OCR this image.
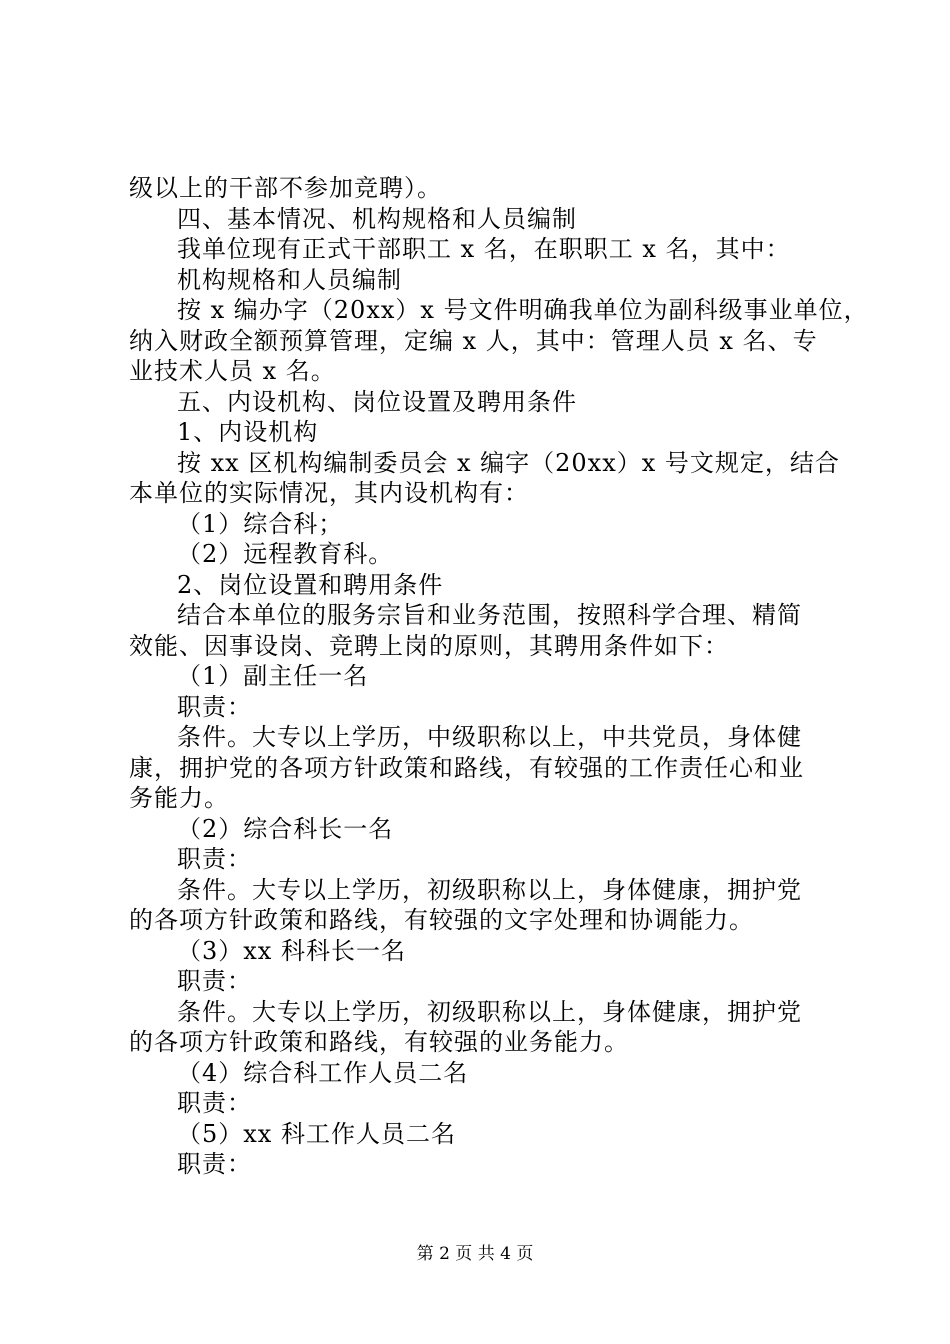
级以上的干部不参加竞聘）。
四、基本情况、机构规格和人员编制
我单位现有正式干部职工 x 名，在职职工 x 名，其中：
机构规格和人员编制
按 x 编办字（20xx）x 号文件明确我单位为副科级事业单位，
纳入财政全额预算管理，定编 x 人，其中：管理人员 x 名、专
业技术人员 x 名。
五、内设机构、岗位设置及聘用条件
1、内设机构
按 xx 区机构编制委员会 x 编字（20xx）x 号文规定，结合
本单位的实际情况，其内设机构有：
（1）综合科；
（2）远程教育科。
2、岗位设置和聘用条件
结合本单位的服务宗旨和业务范围，按照科学合理、精简
效能、因事设岗、竞聘上岗的原则，其聘用条件如下：
（1）副主任一名
职责：
条件。大专以上学历，中级职称以上，中共党员，身体健
康，拥护党的各项方针政策和路线，有较强的工作责任心和业
务能力。
（2）综合科长一名
职责：
条件。大专以上学历，初级职称以上，身体健康，拥护党
的各项方针政策和路线，有较强的文字处理和协调能力。
（3）xx 科科长一名
职责：
条件。大专以上学历，初级职称以上，身体健康，拥护党
的各项方针政策和路线，有较强的业务能力。
（4）综合科工作人员二名
职责：
（5）xx 科工作人员二名
职责：
第 2 页 共 4 页
